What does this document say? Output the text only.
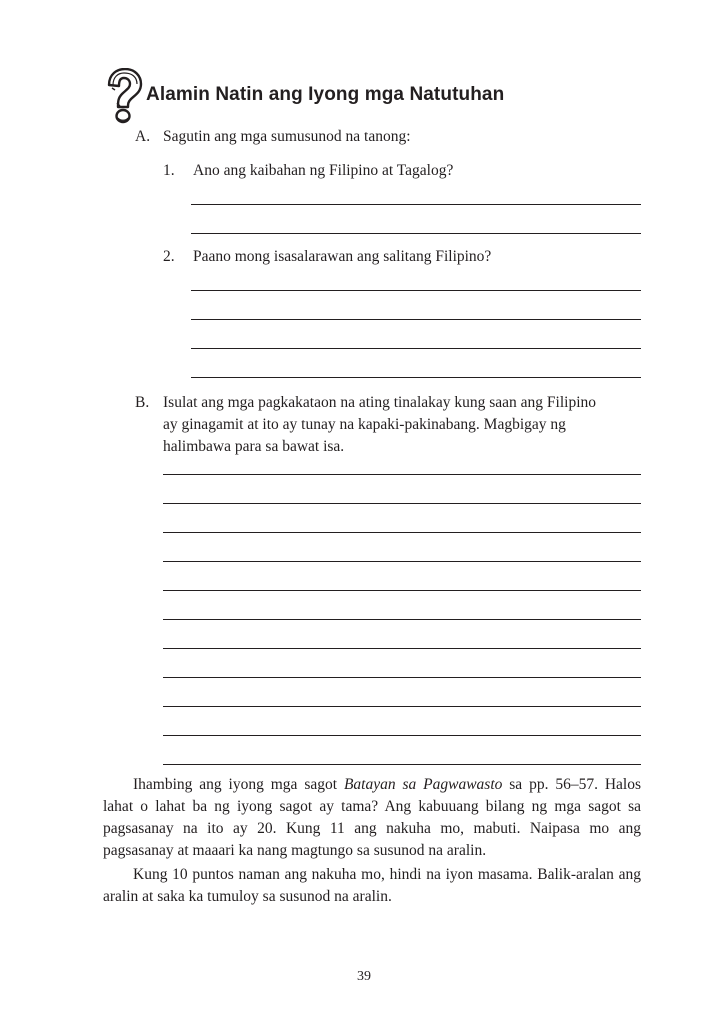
Alamin Natin ang Iyong mga Natutuhan
A. Sagutin ang mga sumusunod na tanong:
1. Ano ang kaibahan ng Filipino at Tagalog?
2. Paano mong isasalarawan ang salitang Filipino?
B. Isulat ang mga pagkakataon na ating tinalakay kung saan ang Filipino
ay ginagamit at ito ay tunay na kapaki-pakinabang. Magbigay ng
halimbawa para sa bawat isa.
Ihambing ang iyong mga sagot Batayan sa Pagwawasto sa pp. 56–57. Halos lahat o lahat ba ng iyong sagot ay tama? Ang kabuuang bilang ng mga sagot sa pagsasanay na ito ay 20. Kung 11 ang nakuha mo, mabuti. Naipasa mo ang pagsasanay at maaari ka nang magtungo sa susunod na aralin.
Kung 10 puntos naman ang nakuha mo, hindi na iyon masama. Balik-aralan ang aralin at saka ka tumuloy sa susunod na aralin.
39
